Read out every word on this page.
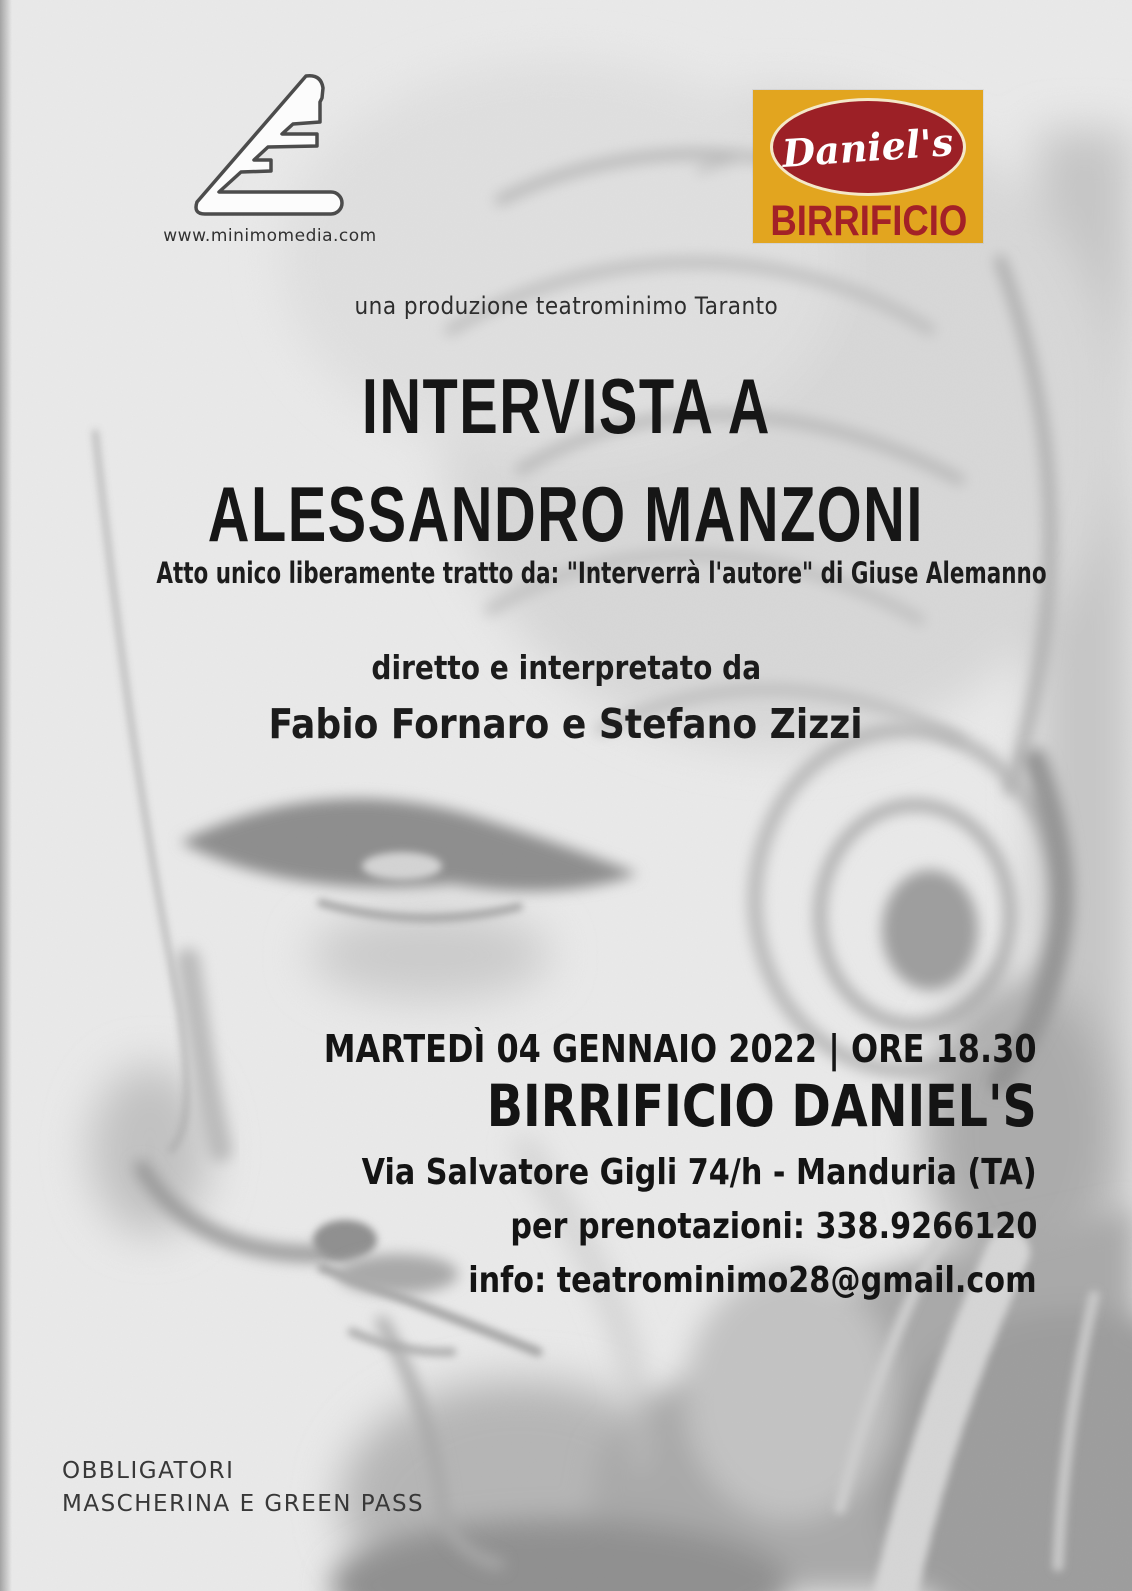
www.minimomedia.com
Daniel's
BIRRIFICIO
una produzione teatrominimo Taranto
INTERVISTA A
ALESSANDRO MANZONI
Atto unico liberamente tratto da: "Interverrà l'autore" di Giuse Alemanno
diretto e interpretato da
Fabio Fornaro e Stefano Zizzi
MARTEDÌ 04 GENNAIO 2022 | ORE 18.30
BIRRIFICIO DANIEL'S
Via Salvatore Gigli 74/h - Manduria (TA)
per prenotazioni: 338.9266120
info: teatrominimo28@gmail.com
OBBLIGATORI
MASCHERINA E GREEN PASS
